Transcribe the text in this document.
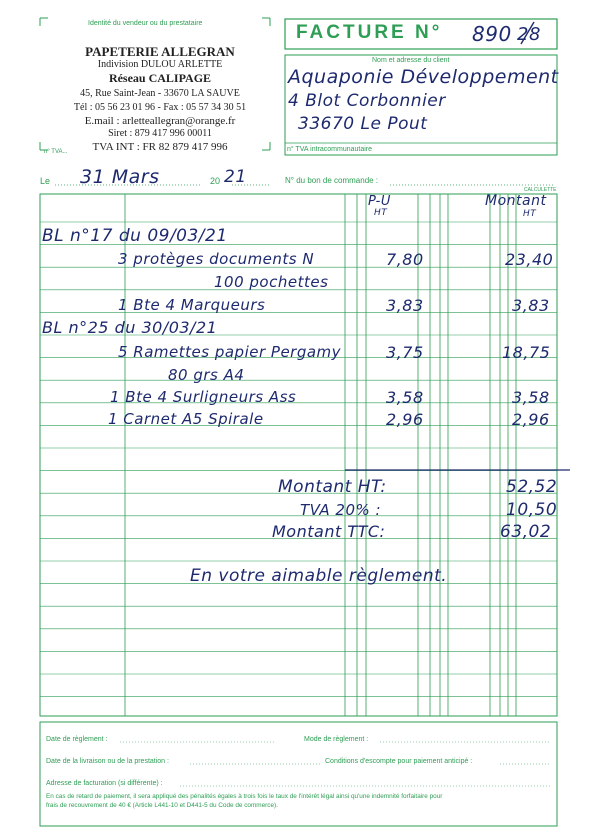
Identité du vendeur ou du prestataire
PAPETERIE ALLEGRAN
Indivision DULOU ARLETTE
Réseau CALIPAGE
45, Rue Saint-Jean - 33670 LA SAUVE
Tél : 05 56 23 01 96 - Fax : 05 57 34 30 51
E.mail : arletteallegran@orange.fr
Siret : 879 417 996 00011
TVA INT : FR 82 879 417 996
n° TVA...
FACTURE N° 890 28
Nom et adresse du client
Aquaponie Développement
4 Blot Corbonnier
33670 Le Pout
n° TVA intracommunautaire
Le 31 Mars	20 21	N° du bon de commande :
P-U
HT
Montant
HT
CALCULETTE
BL n°17 du 09/03/21
3 protèges documents N	7,80	23,40
100 pochettes
1 Bte 4 Marqueurs	3,83	3,83
BL n°25 du 30/03/21
5 Ramettes papier Pergamy	3,75	18,75
80 grs A4
1 Bte 4 Surligneurs Ass	3,58	3,58
1 Carnet A5 Spirale	2,96	2,96
Montant HT:	52,52
TVA 20% :	10,50
Montant TTC:	63,02
En votre aimable règlement.
Date de règlement :	Mode de règlement :
Date de la livraison ou de la prestation :	Conditions d'escompte pour paiement anticipé :
Adresse de facturation (si différente) :
En cas de retard de paiement, il sera appliqué des pénalités égales à trois fois le taux de l'intérêt légal ainsi qu'une indemnité forfaitaire pour
frais de recouvrement de 40 € (Article L441-10 et D441-5 du Code de commerce).
